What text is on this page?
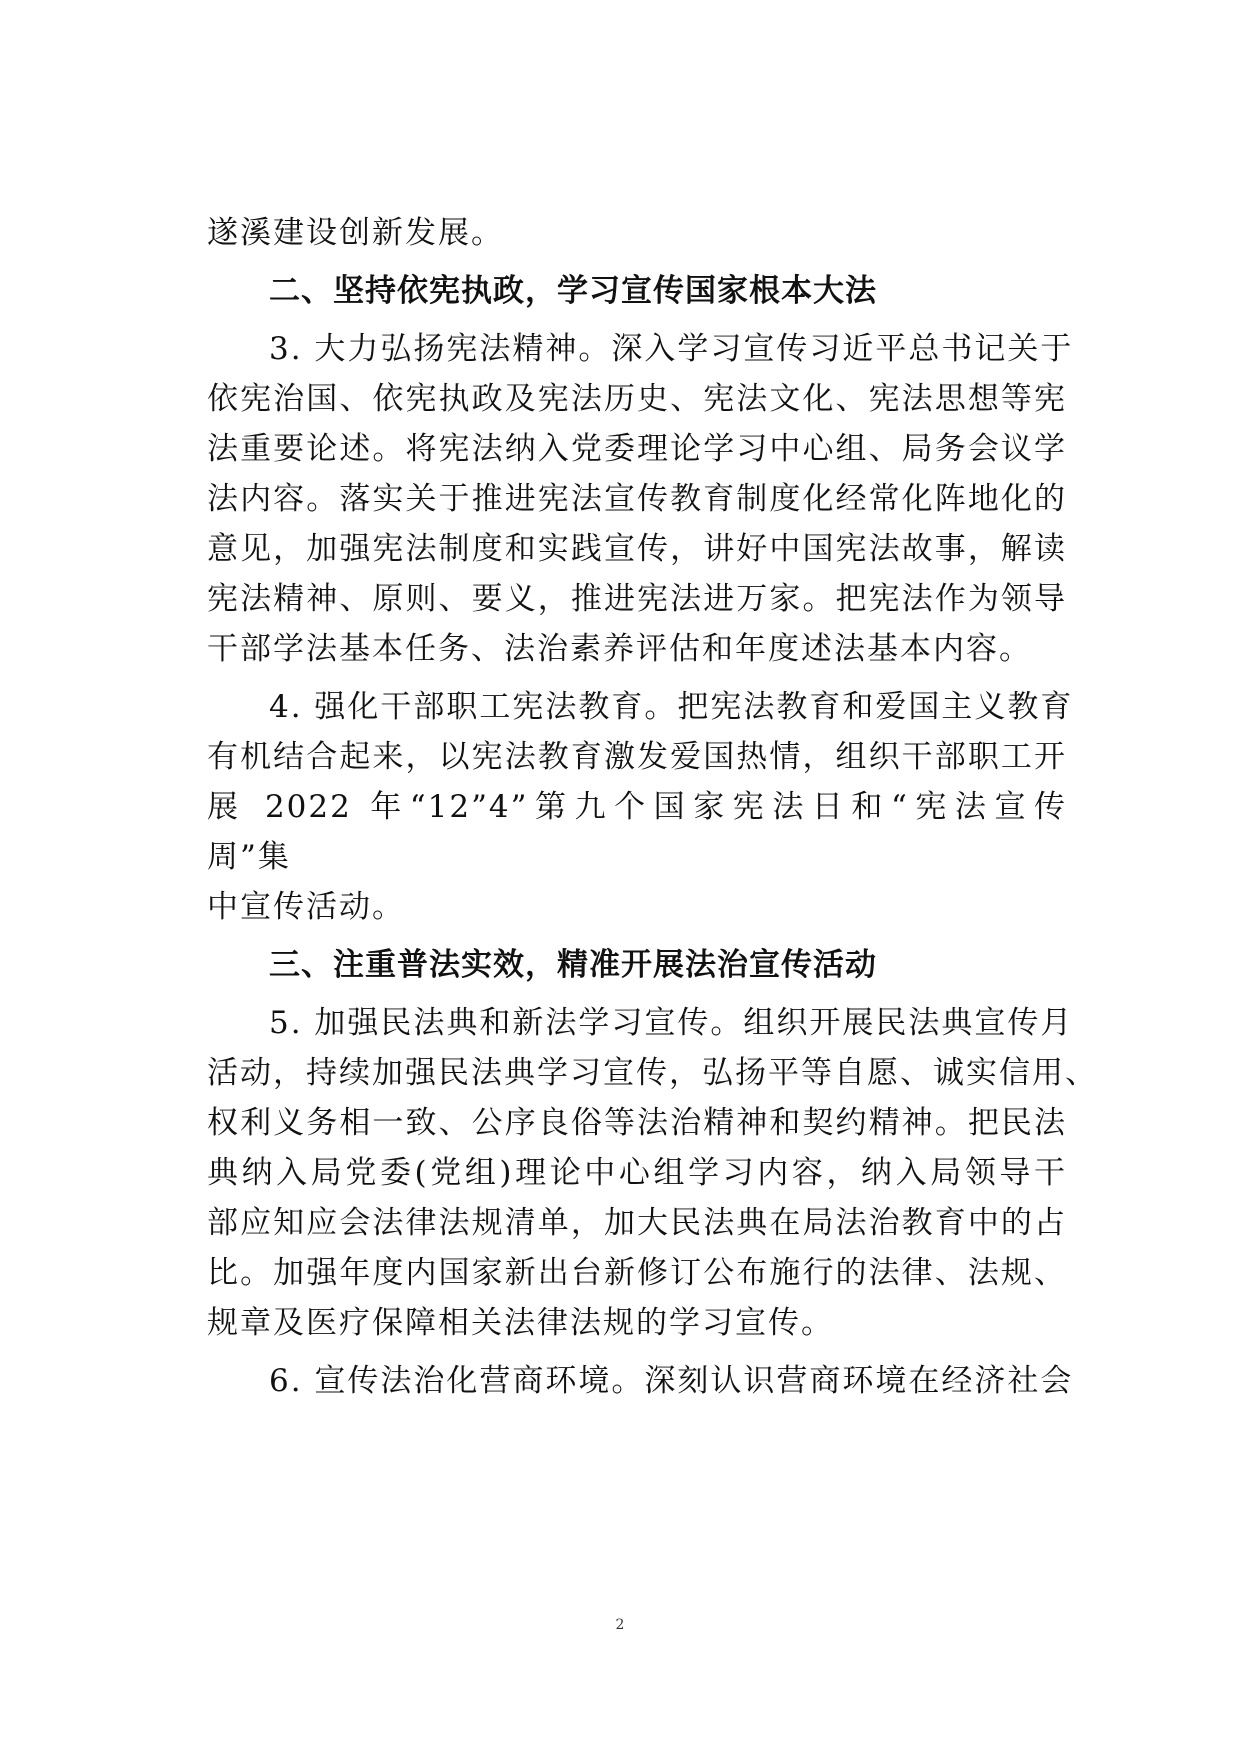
遂溪建设创新发展。
二、坚持依宪执政，学习宣传国家根本大法
3. 大力弘扬宪法精神。深入学习宣传习近平总书记关于
依宪治国、依宪执政及宪法历史、宪法文化、宪法思想等宪
法重要论述。将宪法纳入党委理论学习中心组、局务会议学
法内容。落实关于推进宪法宣传教育制度化经常化阵地化的
意见，加强宪法制度和实践宣传，讲好中国宪法故事，解读
宪法精神、原则、要义，推进宪法进万家。把宪法作为领导
干部学法基本任务、法治素养评估和年度述法基本内容。
4. 强化干部职工宪法教育。把宪法教育和爱国主义教育
有机结合起来，以宪法教育激发爱国热情，组织干部职工开
展 2022 年“12”4”第九个国家宪法日和“宪法宣传
周”集
中宣传活动。
三、注重普法实效，精准开展法治宣传活动
5. 加强民法典和新法学习宣传。组织开展民法典宣传月
活动，持续加强民法典学习宣传，弘扬平等自愿、诚实信用、
权利义务相一致、公序良俗等法治精神和契约精神。把民法
典纳入局党委(党组)理论中心组学习内容，纳入局领导干
部应知应会法律法规清单，加大民法典在局法治教育中的占
比。加强年度内国家新出台新修订公布施行的法律、法规、
规章及医疗保障相关法律法规的学习宣传。
6. 宣传法治化营商环境。深刻认识营商环境在经济社会
2
